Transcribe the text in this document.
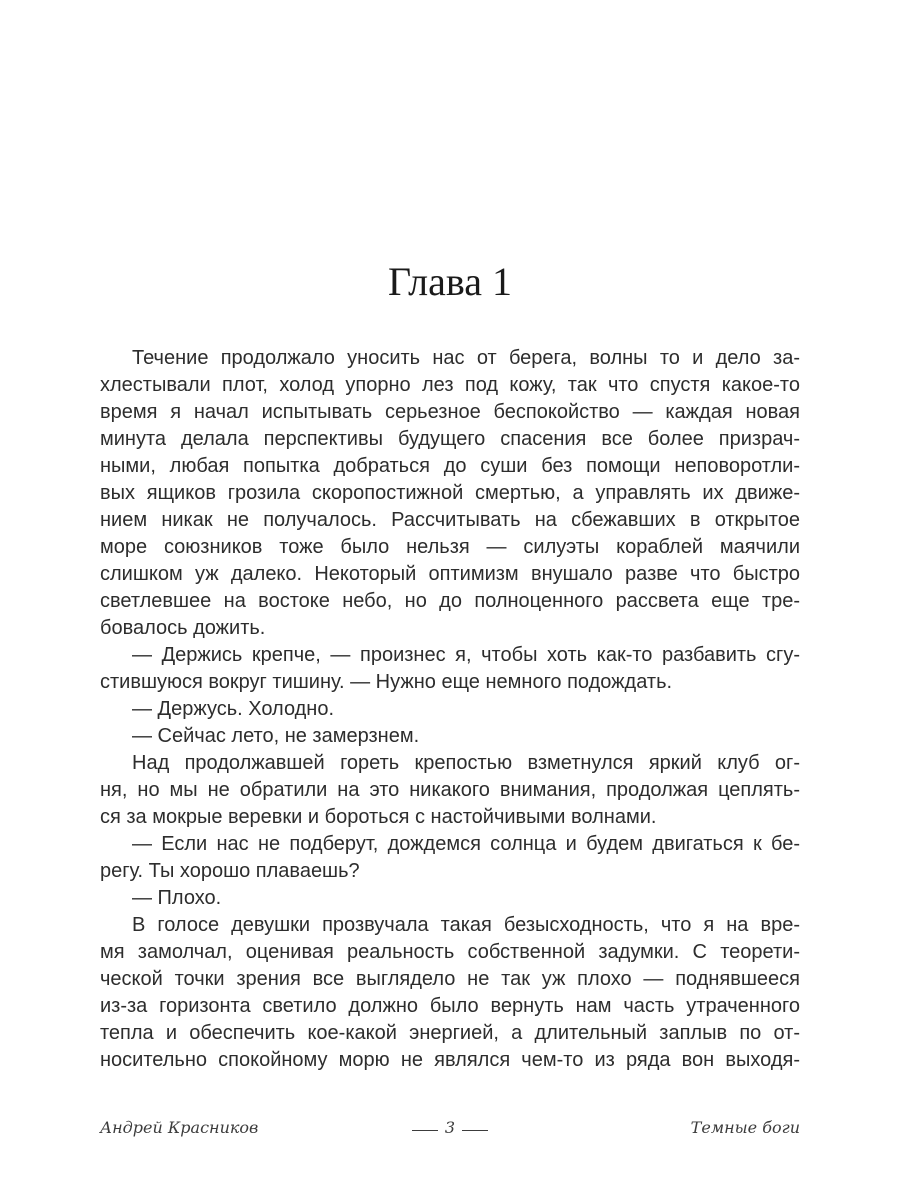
Глава 1

Течение продолжало уносить нас от берега, волны то и дело за-
хлестывали плот, холод упорно лез под кожу, так что спустя какое-то
время я начал испытывать серьезное беспокойство — каждая новая
минута делала перспективы будущего спасения все более призрач-
ными, любая попытка добраться до суши без помощи неповоротли-
вых ящиков грозила скоропостижной смертью, а управлять их движе-
нием никак не получалось. Рассчитывать на сбежавших в открытое
море союзников тоже было нельзя — силуэты кораблей маячили
слишком уж далеко. Некоторый оптимизм внушало разве что быстро
светлевшее на востоке небо, но до полноценного рассвета еще тре-
бовалось дожить.

— Держись крепче, — произнес я, чтобы хоть как-то разбавить сгу-
стившуюся вокруг тишину. — Нужно еще немного подождать.

— Держусь. Холодно.

— Сейчас лето, не замерзнем.

Над продолжавшей гореть крепостью взметнулся яркий клуб ог-
ня, но мы не обратили на это никакого внимания, продолжая цеплять-
ся за мокрые веревки и бороться с настойчивыми волнами.

— Если нас не подберут, дождемся солнца и будем двигаться к бе-
регу. Ты хорошо плаваешь?

— Плохо.

В голосе девушки прозвучала такая безысходность, что я на вре-
мя замолчал, оценивая реальность собственной задумки. С теорети-
ческой точки зрения все выглядело не так уж плохо — поднявшееся
из-за горизонта светило должно было вернуть нам часть утраченного
тепла и обеспечить кое-какой энергией, а длительный заплыв по от-
носительно спокойному морю не являлся чем-то из ряда вон выходя-

Андрей Красников	3	Темные боги
